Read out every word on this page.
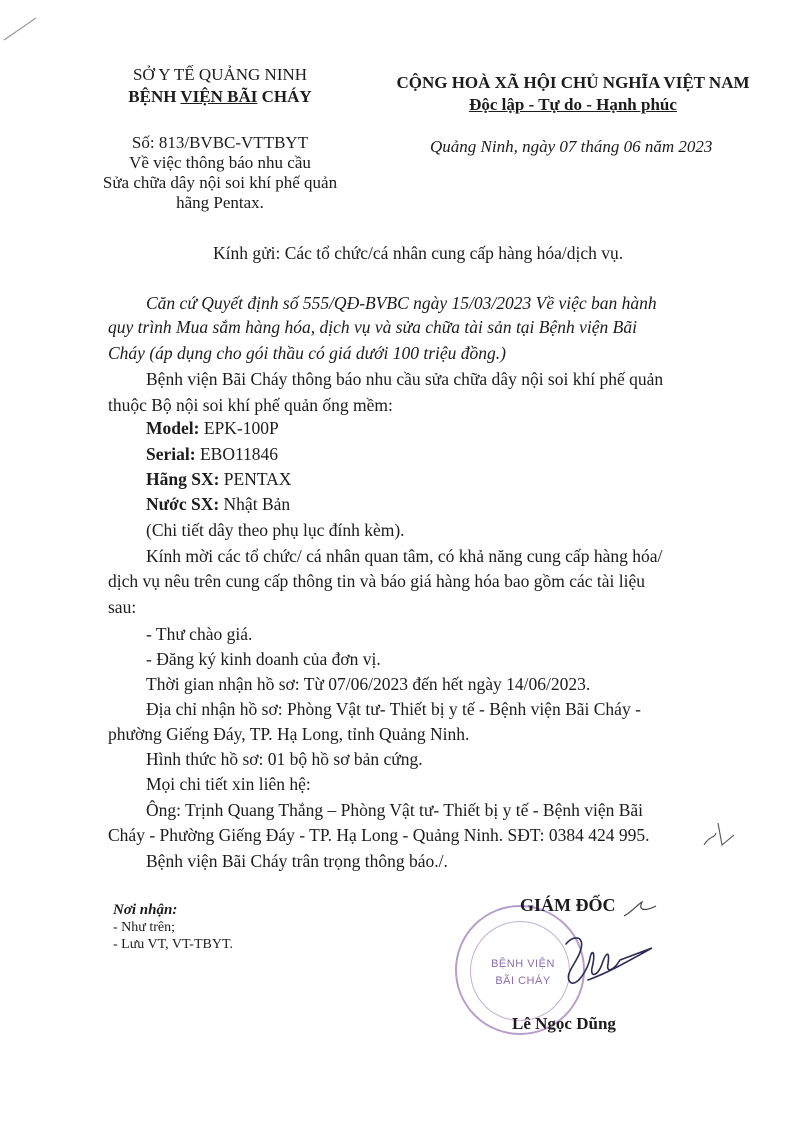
SỞ Y TẾ QUẢNG NINH
BỆNH VIỆN BÃI CHÁY
CỘNG HOÀ XÃ HỘI CHỦ NGHĨA VIỆT NAM
Độc lập - Tự do - Hạnh phúc
Số: 813/BVBC-VTTBYT
Về việc thông báo nhu cầu
Sửa chữa dây nội soi khí phế quản
hãng Pentax.
Quảng Ninh, ngày 07 tháng 06 năm 2023
Kính gửi: Các tổ chức/cá nhân cung cấp hàng hóa/dịch vụ.
Căn cứ Quyết định số 555/QĐ-BVBC ngày 15/03/2023 Về việc ban hành
quy trình Mua sắm hàng hóa, dịch vụ và sửa chữa tài sản tại Bệnh viện Bãi
Cháy (áp dụng cho gói thầu có giá dưới 100 triệu đồng.)
Bệnh viện Bãi Cháy thông báo nhu cầu sửa chữa dây nội soi khí phế quản
thuộc Bộ nội soi khí phế quản ống mềm:
Model: EPK-100P
Serial: EBO11846
Hãng SX: PENTAX
Nước SX: Nhật Bản
(Chi tiết dây theo phụ lục đính kèm).
Kính mời các tổ chức/ cá nhân quan tâm, có khả năng cung cấp hàng hóa/
dịch vụ nêu trên cung cấp thông tin và báo giá hàng hóa bao gồm các tài liệu
sau:
- Thư chào giá.
- Đăng ký kinh doanh của đơn vị.
Thời gian nhận hồ sơ: Từ 07/06/2023 đến hết ngày 14/06/2023.
Địa chỉ nhận hồ sơ: Phòng Vật tư- Thiết bị y tế - Bệnh viện Bãi Cháy -
phường Giếng Đáy, TP. Hạ Long, tỉnh Quảng Ninh.
Hình thức hồ sơ: 01 bộ hồ sơ bản cứng.
Mọi chi tiết xin liên hệ:
Ông: Trịnh Quang Thắng – Phòng Vật tư- Thiết bị y tế - Bệnh viện Bãi
Cháy - Phường Giếng Đáy - TP. Hạ Long - Quảng Ninh. SĐT: 0384 424 995.
Bệnh viện Bãi Cháy trân trọng thông báo./.
Nơi nhận:
- Như trên;
- Lưu VT, VT-TBYT.
BỆNH VIỆN
BÃI CHÁY
GIÁM ĐỐC
Lê Ngọc Dũng
